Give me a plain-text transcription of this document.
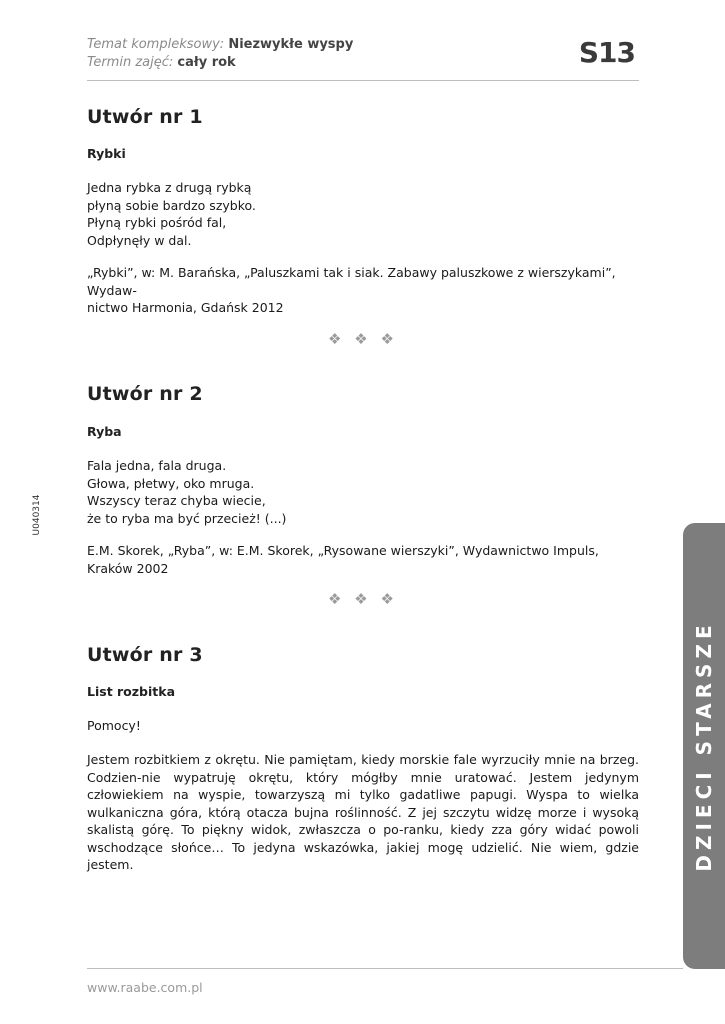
Temat kompleksowy: Niezwykłe wyspy
Termin zajęć: cały rok	S13
Utwór nr 1

Rybki

Jedna rybka z drugą rybką
płyną sobie bardzo szybko.
Płyną rybki pośród fal,
Odpłynęły w dal.
„Rybki”, w: M. Barańska, „Paluszkami tak i siak. Zabawy paluszkowe z wierszykami”, Wydaw-
nictwo Harmonia, Gdańsk 2012
❖ ❖ ❖
Utwór nr 2

Ryba

Fala jedna, fala druga.
Głowa, płetwy, oko mruga.
Wszyscy teraz chyba wiecie,
że to ryba ma być przecież! (...)
E.M. Skorek, „Ryba”, w: E.M. Skorek, „Rysowane wierszyki”, Wydawnictwo Impuls, Kraków 2002
❖ ❖ ❖
Utwór nr 3

List rozbitka

Pomocy!

Jestem rozbitkiem z okrętu. Nie pamiętam, kiedy morskie fale wyrzuciły mnie na brzeg. Codzien-nie wypatruję okrętu, który mógłby mnie uratować. Jestem jedynym człowiekiem na wyspie, towarzyszą mi tylko gadatliwe papugi. Wyspa to wielka wulkaniczna góra, którą otacza bujna roślinność. Z jej szczytu widzę morze i wysoką skalistą górę. To piękny widok, zwłaszcza o po-ranku, kiedy zza góry widać powoli wschodzące słońce… To jedyna wskazówka, jakiej mogę udzielić. Nie wiem, gdzie jestem.

U040314
DZIECI STARSZE
www.raabe.com.pl
